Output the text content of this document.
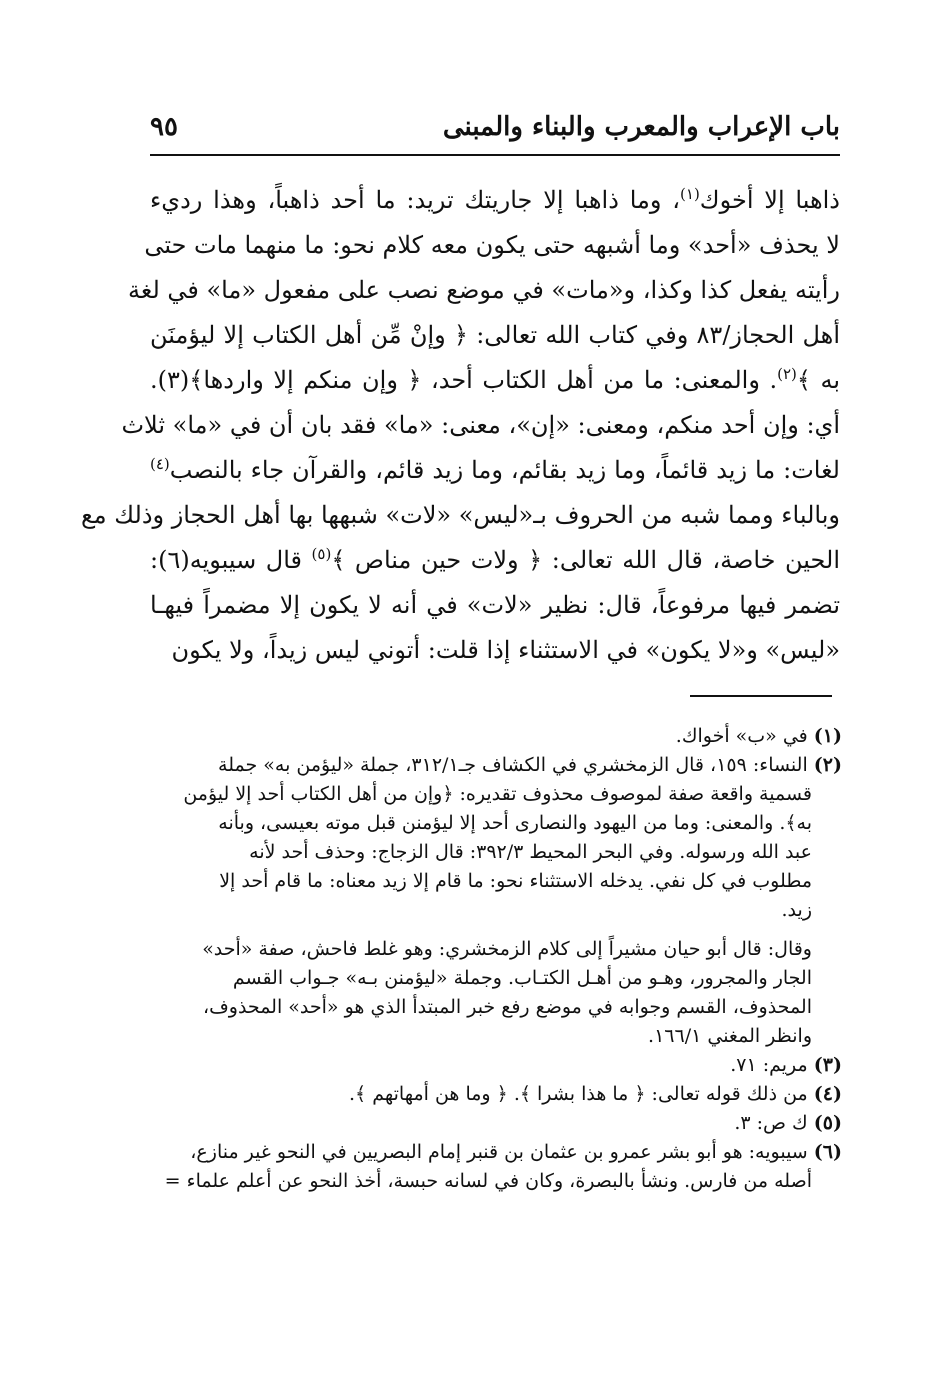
٩٥	باب الإعراب والمعرب والبناء والمبنى
ذاهبا إلا أخوك$^{(١)}$، وما ذاهبا إلا جاريتك تريد: ما أحد ذاهباً، وهذا رديء
لا يحذف «أحد» وما أشبهه حتى يكون معه كلام نحو: ما منهما مات حتى
رأيته يفعل كذا وكذا، و«مات» في موضع نصب على مفعول «ما» في لغة
أهل الحجاز/٨٣ وفي كتاب الله تعالى: ﴿ وإنْ مِّن أهل الكتاب إلا ليؤمنَن
به ﴾$^{(٢)}$. والمعنى: ما من أهل الكتاب أحد، ﴿ وإن منكم إلا واردها﴾(٣).
أي: وإن أحد منكم، ومعنى: «إن»، معنى: «ما» فقد بان أن في «ما» ثلاث
لغات: ما زيد قائماً، وما زيد بقائم، وما زيد قائم، والقرآن جاء بالنصب$^{(٤)}$
وبالباء ومما شبه من الحروف بـ«ليس» «لات» شبهها بها أهل الحجاز وذلك مع
الحين خاصة، قال الله تعالى: ﴿ ولات حين مناص ﴾$^{(٥)}$ قال سيبويه(٦):
تضمر فيها مرفوعاً، قال: نظير «لات» في أنه لا يكون إلا مضمراً فيهـا
«ليس» و«لا يكون» في الاستثناء إذا قلت: أتوني ليس زيداً، ولا يكون
(١) في «ب» أخواك.
(٢) النساء: ١٥٩، قال الزمخشري في الكشاف جـ٣١٢/١، جملة «ليؤمن به» جملة
قسمية واقعة صفة لموصوف محذوف تقديره: ﴿وإن من أهل الكتاب أحد إلا ليؤمن
به﴾. والمعنى: وما من اليهود والنصارى أحد إلا ليؤمنن قبل موته بعيسى، وبأنه
عبد الله ورسوله. وفي البحر المحيط ٣٩٢/٣: قال الزجاج: وحذف أحد لأنه
مطلوب في كل نفي. يدخله الاستثناء نحو: ما قام إلا زيد معناه: ما قام أحد إلا
زيد.
وقال: قال أبو حيان مشيراً إلى كلام الزمخشري: وهو غلط فاحش، صفة «أحد»
الجار والمجرور، وهـو من أهـل الكتـاب. وجملة «ليؤمنن بـه» جـواب القسم
المحذوف، القسم وجوابه في موضع رفع خبر المبتدأ الذي هو «أحد» المحذوف،
وانظر المغني ١٦٦/١.
(٣) مريم: ٧١.
(٤) من ذلك قوله تعالى: ﴿ ما هذا بشرا ﴾. ﴿ وما هن أمهاتهم ﴾.
(٥) ك ص: ٣.
(٦) سيبويه: هو أبو بشر عمرو بن عثمان بن قنبر إمام البصريين في النحو غير منازع،
أصله من فارس. ونشأ بالبصرة، وكان في لسانه حبسة، أخذ النحو عن أعلم علماء =
